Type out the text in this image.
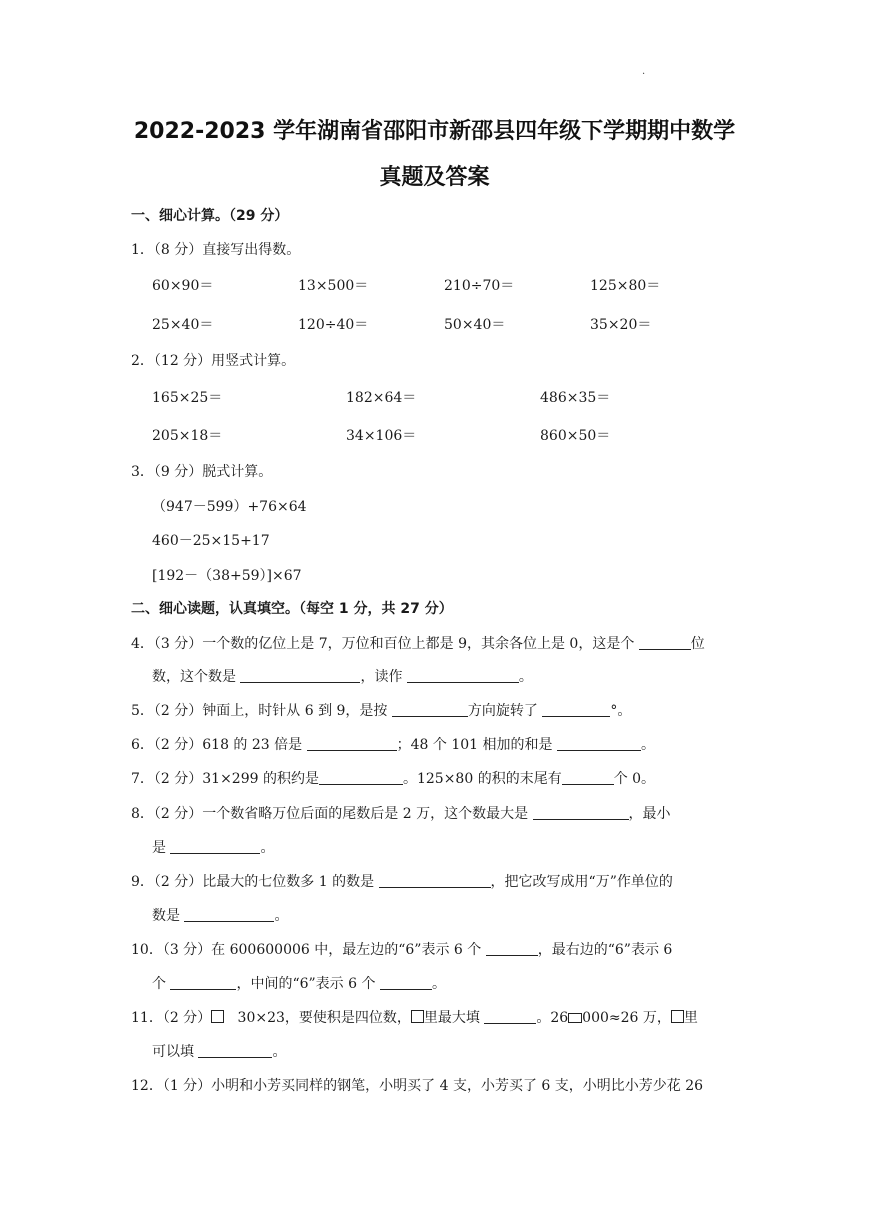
.
2022-2023 学年湖南省邵阳市新邵县四年级下学期期中数学
真题及答案
一、细心计算。（29 分）
1．（8 分）直接写出得数。
60×90＝	13×500＝	210÷70＝	125×80＝
25×40＝	120÷40＝	50×40＝	35×20＝
2．（12 分）用竖式计算。
165×25＝	182×64＝	486×35＝
205×18＝	34×106＝	860×50＝
3．（9 分）脱式计算。
（947－599）+76×64
460－25×15+17
[192－（38+59）]×67
二、细心读题，认真填空。（每空 1 分，共 27 分）
4．（3 分）一个数的亿位上是 7，万位和百位上都是 9，其余各位上是 0，这是个	位
数，这个数是	，读作	。
5．（2 分）钟面上，时针从 6 到 9，是按	方向旋转了	°。
6．（2 分）618 的 23 倍是	；48 个 101 相加的和是	。
7．（2 分）31×299 的积约是	。125×80 的积的末尾有	个 0。
8．（2 分）一个数省略万位后面的尾数后是 2 万，这个数最大是	，最小
是	。
9．（2 分）比最大的七位数多 1 的数是	，把它改写成用“万”作单位的
数是	。
10．（3 分）在 600600006 中，最左边的“6”表示 6 个	，最右边的“6”表示 6
个	，中间的“6”表示 6 个	。
11．（2 分） 30×23，要使积是四位数， 里最大填	。26 000≈26 万， 里
可以填	。
12．（1 分）小明和小芳买同样的钢笔，小明买了 4 支，小芳买了 6 支，小明比小芳少花 26
